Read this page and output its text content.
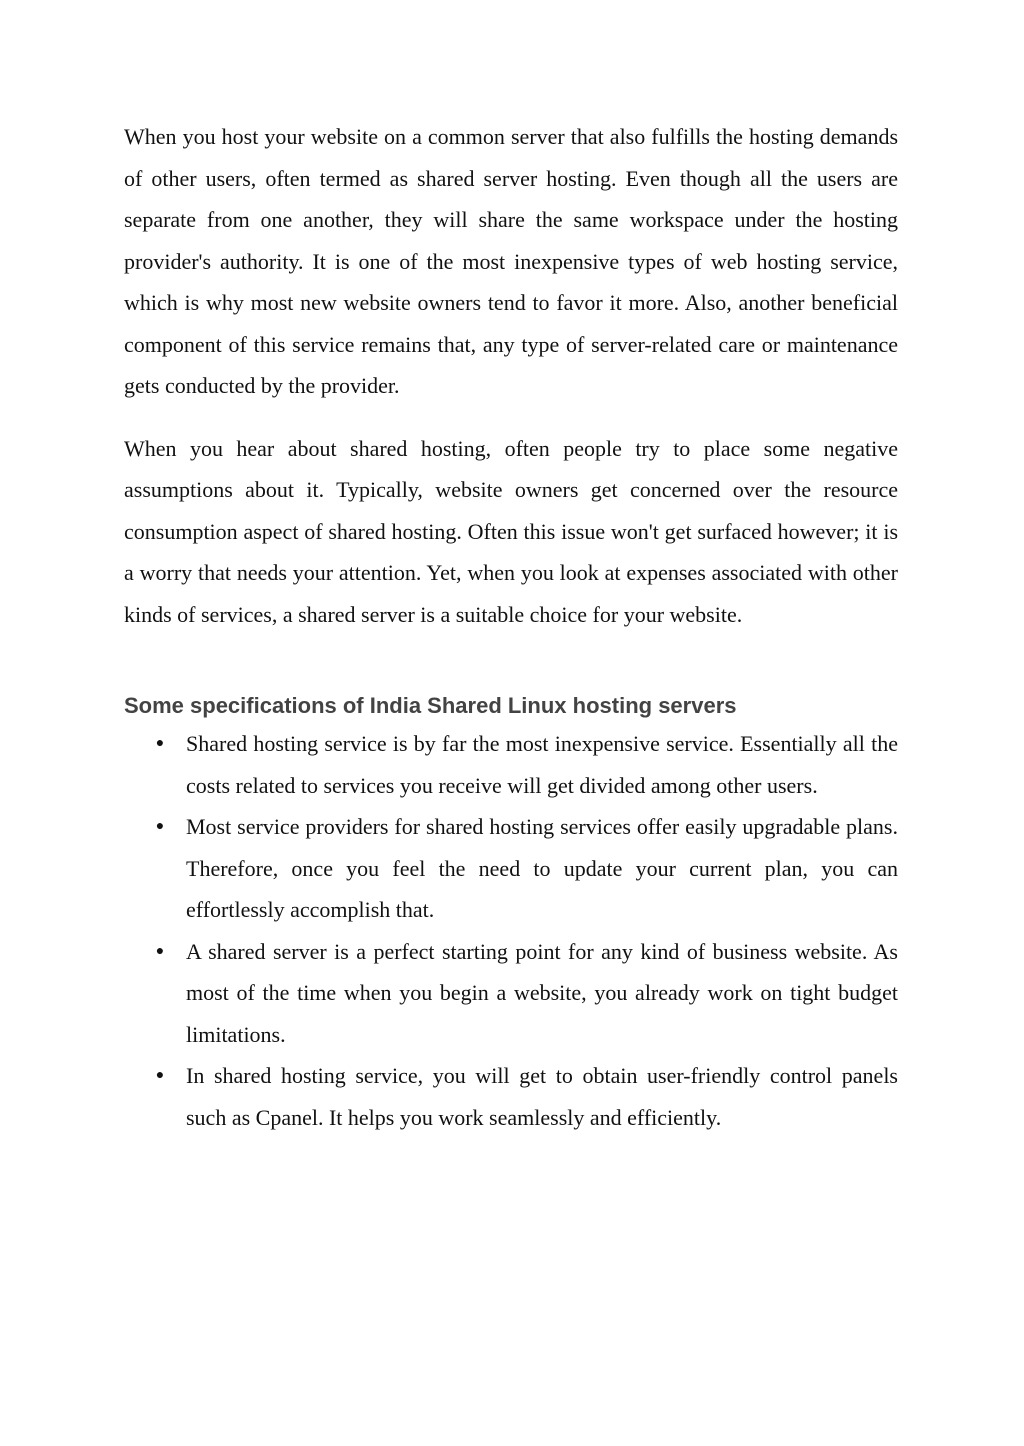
When you host your website on a common server that also fulfills the hosting demands of other users, often termed as shared server hosting. Even though all the users are separate from one another, they will share the same workspace under the hosting provider's authority. It is one of the most inexpensive types of web hosting service, which is why most new website owners tend to favor it more. Also, another beneficial component of this service remains that, any type of server-related care or maintenance gets conducted by the provider.

When you hear about shared hosting, often people try to place some negative assumptions about it. Typically, website owners get concerned over the resource consumption aspect of shared hosting. Often this issue won't get surfaced however; it is a worry that needs your attention. Yet, when you look at expenses associated with other kinds of services, a shared server is a suitable choice for your website.

Some specifications of India Shared Linux hosting servers
● Shared hosting service is by far the most inexpensive service. Essentially all the costs related to services you receive will get divided among other users.
● Most service providers for shared hosting services offer easily upgradable plans. Therefore, once you feel the need to update your current plan, you can effortlessly accomplish that.
● A shared server is a perfect starting point for any kind of business website. As most of the time when you begin a website, you already work on tight budget limitations.
● In shared hosting service, you will get to obtain user-friendly control panels such as Cpanel. It helps you work seamlessly and efficiently.
